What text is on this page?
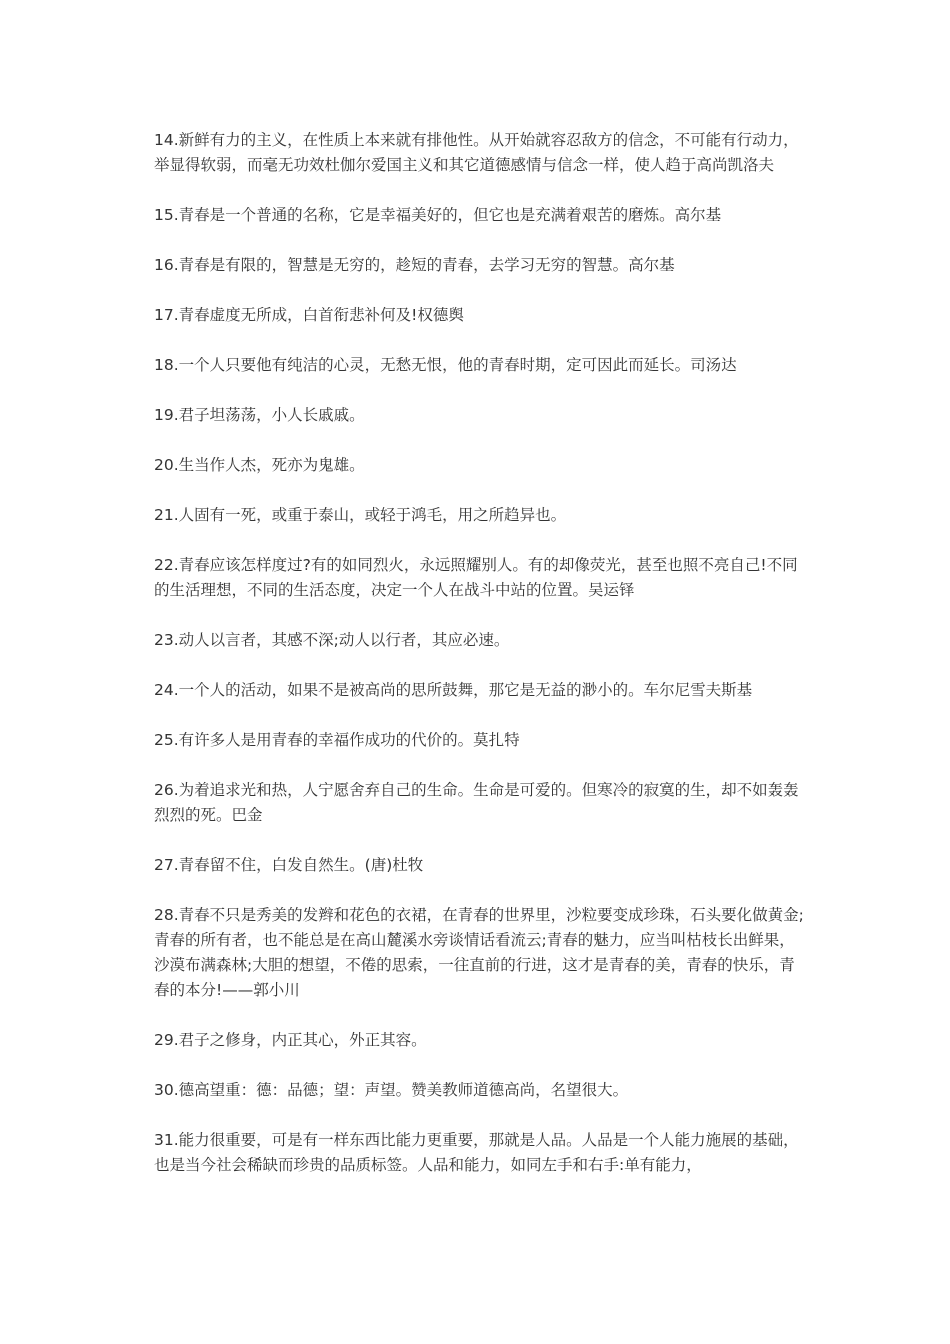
14.新鲜有力的主义，在性质上本来就有排他性。从开始就容忍敌方的信念，不可能有行动力，举显得软弱，而毫无功效杜伽尔爱国主义和其它道德感情与信念一样，使人趋于高尚凯洛夫

15.青春是一个普通的名称，它是幸福美好的，但它也是充满着艰苦的磨炼。高尔基

16.青春是有限的，智慧是无穷的，趁短的青春，去学习无穷的智慧。高尔基

17.青春虚度无所成，白首衔悲补何及!权德舆

18.一个人只要他有纯洁的心灵，无愁无恨，他的青春时期，定可因此而延长。司汤达

19.君子坦荡荡，小人长戚戚。

20.生当作人杰，死亦为鬼雄。

21.人固有一死，或重于泰山，或轻于鸿毛，用之所趋异也。

22.青春应该怎样度过?有的如同烈火，永远照耀别人。有的却像荧光，甚至也照不亮自己!不同的生活理想，不同的生活态度，决定一个人在战斗中站的位置。吴运铎

23.动人以言者，其感不深;动人以行者，其应必速。

24.一个人的活动，如果不是被高尚的思所鼓舞，那它是无益的渺小的。车尔尼雪夫斯基

25.有许多人是用青春的幸福作成功的代价的。莫扎特

26.为着追求光和热，人宁愿舍弃自己的生命。生命是可爱的。但寒冷的寂寞的生，却不如轰轰烈烈的死。巴金

27.青春留不住，白发自然生。(唐)杜牧

28.青春不只是秀美的发辫和花色的衣裙，在青春的世界里，沙粒要变成珍珠，石头要化做黄金;青春的所有者，也不能总是在高山麓溪水旁谈情话看流云;青春的魅力，应当叫枯枝长出鲜果，沙漠布满森林;大胆的想望，不倦的思索，一往直前的行进，这才是青春的美，青春的快乐，青春的本分!——郭小川

29.君子之修身，内正其心，外正其容。

30.德高望重：德：品德；望：声望。赞美教师道德高尚，名望很大。

31.能力很重要，可是有一样东西比能力更重要，那就是人品。人品是一个人能力施展的基础，也是当今社会稀缺而珍贵的品质标签。人品和能力，如同左手和右手:单有能力，
